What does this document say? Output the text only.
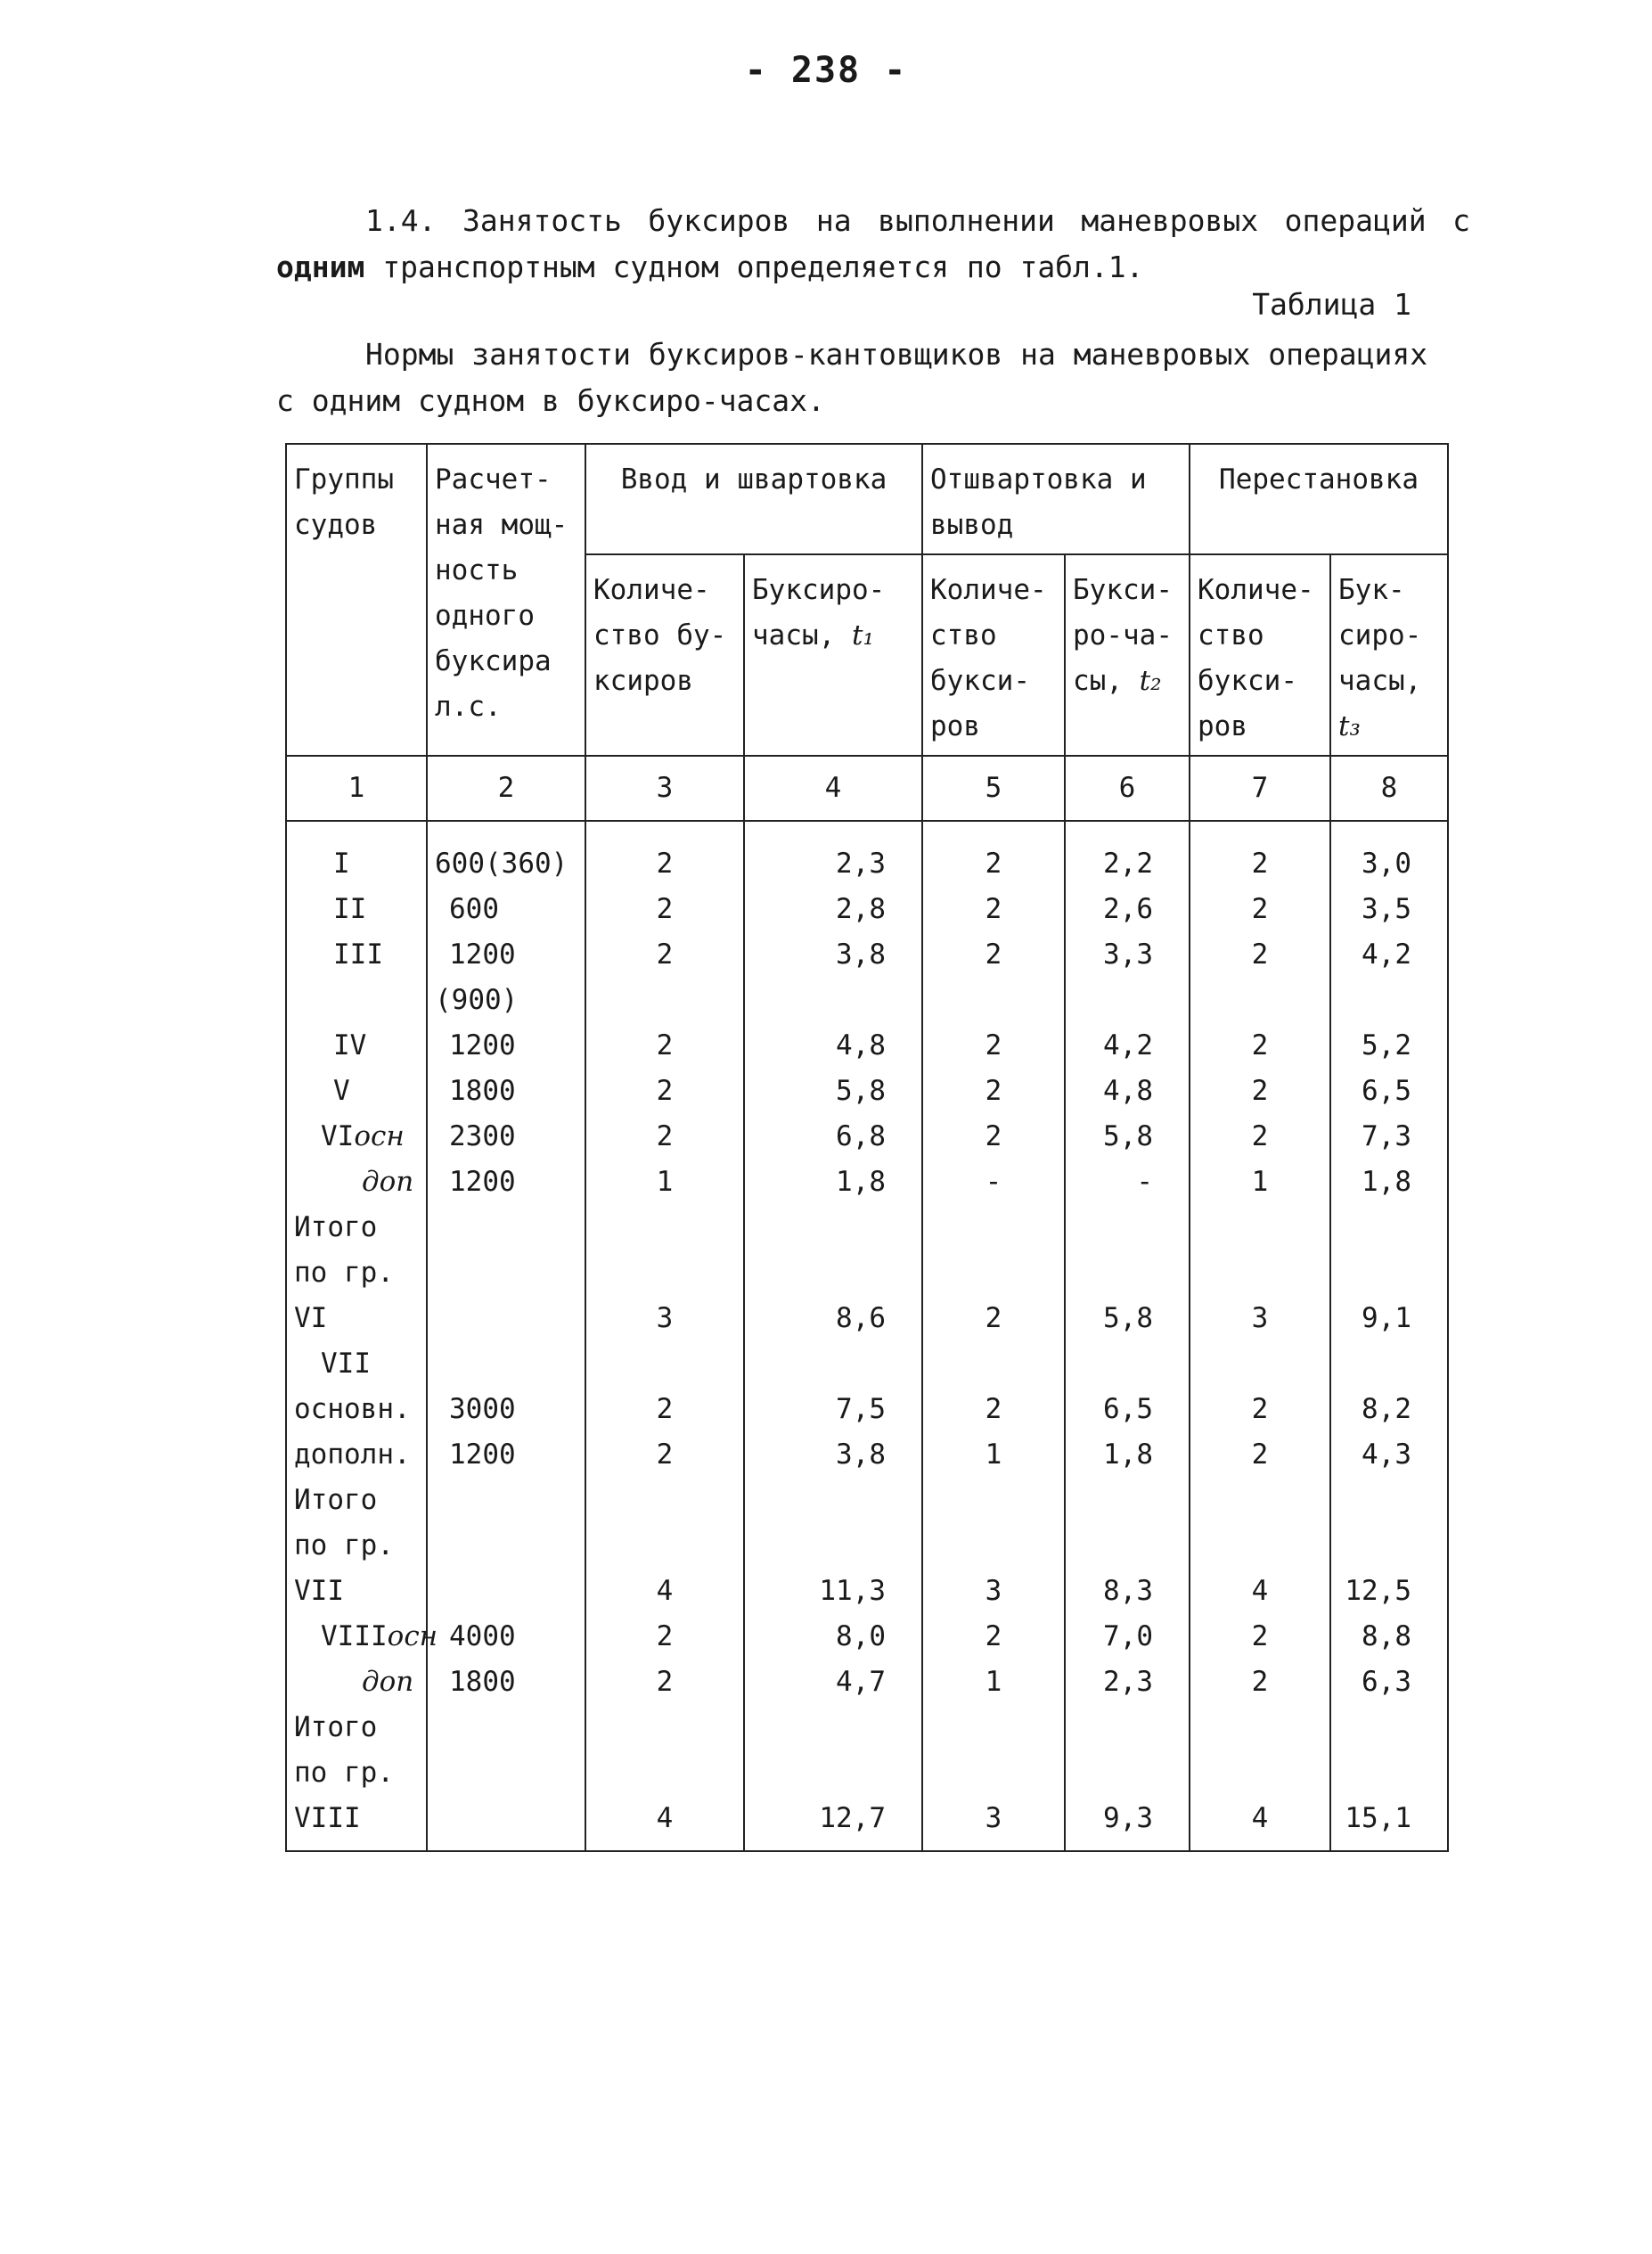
- 238 -
1.4. Занятость буксиров на выполнении маневровых операций с
одним транспортным судном определяется по табл.1.
Таблица 1
Нормы занятости буксиров-кантовщиков на маневровых операциях
с одним судном в буксиро-часах.
Группы судов	Расчет-ная мощ-ность одного буксира л.с.	Ввод и швартовка		Отшвартовка и вывод		Перестановка	
		Количе-ство бу-ксиров	Буксиро-часы, t₁	Количе-ство букси-ров	Букси-ро-ча-сы, t₂	Количе-ство букси-ров	Бук-сиро-часы, t₃
1	2	3	4	5	6	7	8
I	600(360)	2	2,3	2	2,2	2	3,0
II	600	2	2,8	2	2,6	2	3,5
III	1200	2	3,8	2	3,3	2	4,2
	(900)						
IV	1200	2	4,8	2	4,2	2	5,2
V	1800	2	5,8	2	4,8	2	6,5
VIосн	2300	2	6,8	2	5,8	2	7,3
доп	1200	1	1,8	-	-	1	1,8
Итого							
по гр.							
VI		3	8,6	2	5,8	3	9,1
VII							
основн.	3000	2	7,5	2	6,5	2	8,2
дополн.	1200	2	3,8	1	1,8	2	4,3
Итого							
по гр.							
VII		4	11,3	3	8,3	4	12,5
VIIIосн	4000	2	8,0	2	7,0	2	8,8
доп	1800	2	4,7	1	2,3	2	6,3
Итого							
по гр.							
VIII		4	12,7	3	9,3	4	15,1
